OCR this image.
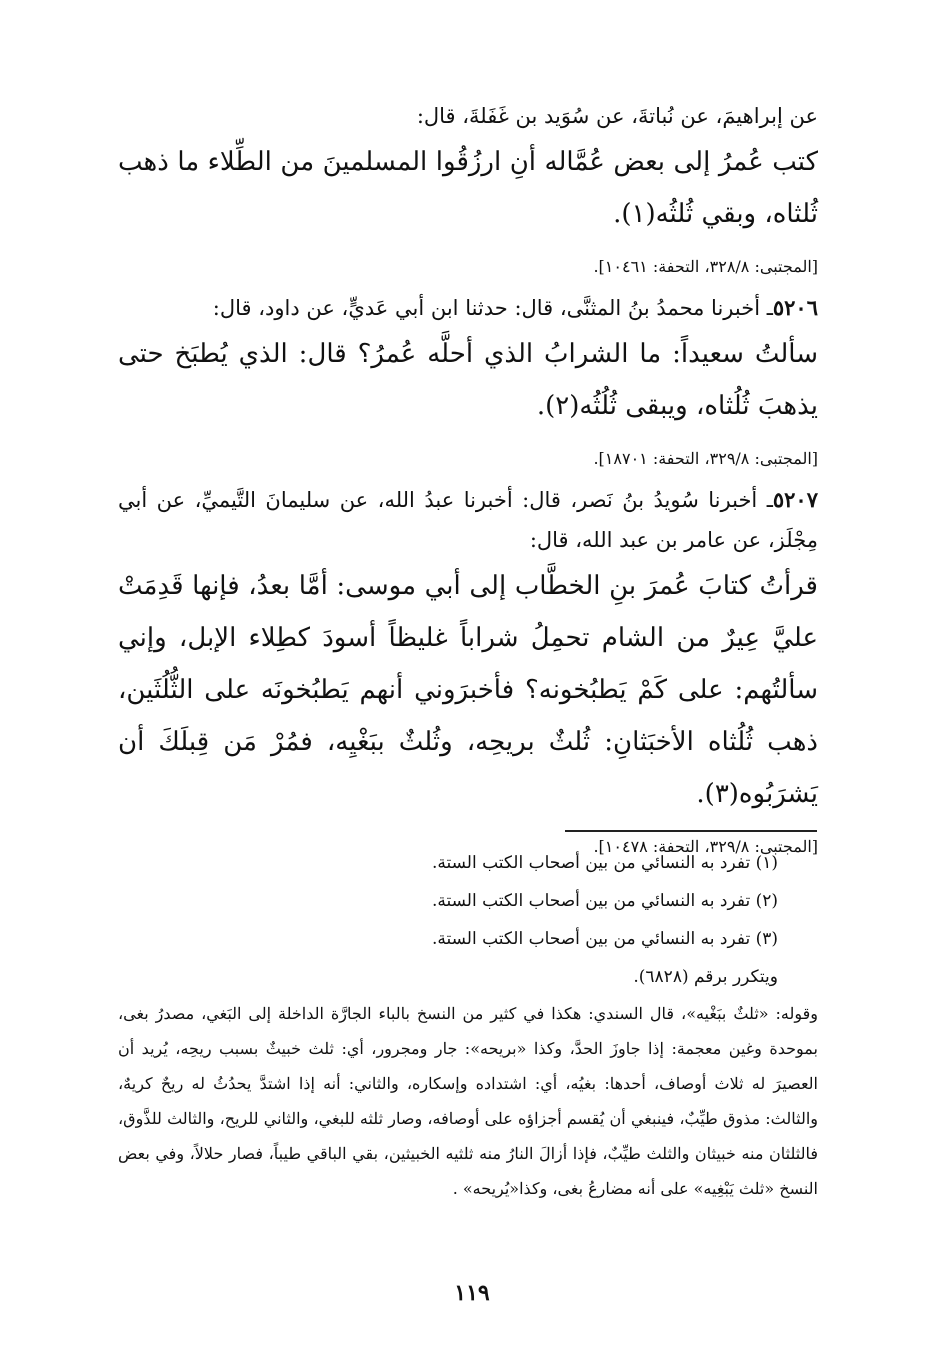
عن إبراهيمَ، عن نُباتةَ، عن سُوَيد بن غَفَلةَ، قال:

كتب عُمرُ إلى بعض عُمَّاله أنِ ارزُقُوا المسلمينَ من الطِّلاء ما ذهب ثُلثاه، وبقي ثُلثُه(١).

[المجتبى: ٣٢٨/٨، التحفة: ١٠٤٦١].

٥٢٠٦ـ أخبرنا محمدُ بنُ المثنَّى، قال: حدثنا ابن أبي عَديٍّ، عن داود، قال:

سألتُ سعيداً: ما الشرابُ الذي أحلَّه عُمرُ؟ قال: الذي يُطبَخ حتى يذهبَ ثُلُثاه، ويبقى ثُلُثُه(٢).

[المجتبى: ٣٢٩/٨، التحفة: ١٨٧٠١].

٥٢٠٧ـ أخبرنا سُويدُ بنُ نَصر، قال: أخبرنا عبدُ الله، عن سليمانَ التَّيميِّ، عن أبي مِجْلَز، عن عامر بن عبد الله، قال:

قرأتُ كتابَ عُمرَ بنِ الخطَّاب إلى أبي موسى: أمَّا بعدُ، فإنها قَدِمَتْ عليَّ عِيرٌ من الشام تحمِلُ شراباً غليظاً أسودَ كطِلاء الإبل، وإني سألتُهم: على كَمْ يَطبُخونه؟ فأخبرَوني أنهم يَطبُخونَه على الثُّلُثَين، ذهب ثُلُثاه الأخبَثانِ: ثُلثٌ بريحِه، وثُلثٌ ببَغْيِه، فمُرْ مَن قِبلَكَ أن يَشرَبُوه(٣).

[المجتبى: ٣٢٩/٨، التحفة: ١٠٤٧٨].

(١) تفرد به النسائي من بين أصحاب الكتب الستة.

(٢) تفرد به النسائي من بين أصحاب الكتب الستة.

(٣) تفرد به النسائي من بين أصحاب الكتب الستة.

ويتكرر برقم (٦٨٢٨).

وقوله: «ثلثٌ ببَغْيه»، قال السندي: هكذا في كثير من النسخ بالباء الجارَّة الداخلة إلى البَغي، مصدرُ بغى، بموحدة وغين معجمة: إذا جاوزَ الحدَّ، وكذا «بريحه»: جار ومجرور، أي: ثلث خبيثٌ بسبب ريحِه، يُريد أن العصيرَ له ثلاث أوصاف، أحدها: بغيُه، أي: اشتداده وإسكاره، والثاني: أنه إذا اشتدَّ يحدُثُ له ريحٌ كريهٌ، والثالث: مذوق طيِّبٌ، فينبغي أن يُقسم أجزاؤه على أوصافه، وصار ثلثه للبغي، والثاني للريح، والثالث للذَّوق، فالثلثان منه خبيثان والثلث طيِّبٌ، فإذا أزالَ النارُ منه ثلثيه الخبيثين، بقي الباقي طيباً، فصار حلالاً، وفي بعض النسخ «ثلث يَبْغِيه» على أنه مضارعُ بغى، وكذا«يُريحه» .

١١٩
